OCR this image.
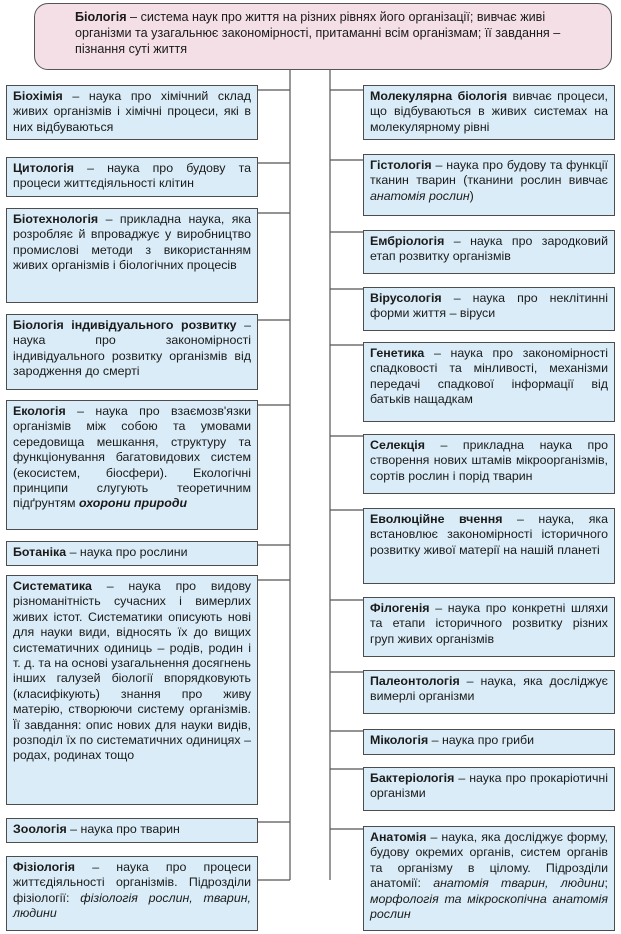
Біологія – система наук про життя на різних рівнях його організації; вивчає живі організми та узагальнює закономірності, притаманні всім організмам; її завдання – пізнання суті життя
Біохімія – наука про хімічний склад живих організмів і хімічні процеси, які в них відбуваються
Цитологія – наука про будову та процеси життєдіяльності клітин
Біотехнологія – прикладна наука, яка розробляє й впроваджує у виробництво промислові методи з використанням живих організмів і біологічних процесів
Біологія індивідуального розвитку – наука про закономірності індивідуального розвитку організмів від зародження до смерті
Екологія – наука про взаємозв'язки організмів між собою та умовами середовища мешкання, структуру та функціонування багатовидових систем (екосистем, біосфери). Екологічні принципи слугують теоретичним підґрунтям охорони природи
Ботаніка – наука про рослини
Систематика – наука про видову різноманітність сучасних і вимерлих живих істот. Систематики описують нові для науки види, відносять їх до вищих систематичних одиниць – родів, родин і т. д. та на основі узагальнення досягнень інших галузей біології впорядковують (класифікують) знання про живу матерію, створюючи систему організмів. Її завдання: опис нових для науки видів, розподіл їх по систематичних одиницях – родах, родинах тощо
Зоологія – наука про тварин
Фізіологія – наука про процеси життєдіяльності організмів. Підрозділи фізіології: фізіологія рослин, тварин, людини
Молекулярна біологія вивчає процеси, що відбуваються в живих системах на молекулярному рівні
Гістологія – наука про будову та функції тканин тварин (тканини рослин вивчає анатомія рослин)
Ембріологія – наука про зародковий етап розвитку організмів
Вірусологія – наука про неклітинні форми життя – віруси
Генетика – наука про закономірності спадковості та мінливості, механізми передачі спадкової інформації від батьків нащадкам
Селекція – прикладна наука про створення нових штамів мікроорганізмів, сортів рослин і порід тварин
Еволюційне вчення – наука, яка встановлює закономірності історичного розвитку живої матерії на нашій планеті
Філогенія – наука про конкретні шляхи та етапи історичного розвитку різних груп живих організмів
Палеонтологія – наука, яка досліджує вимерлі організми
Мікологія – наука про гриби
Бактеріологія – наука про прокаріотичні організми
Анатомія – наука, яка досліджує форму, будову окремих органів, систем органів та організму в цілому. Підрозділи анатомії: анатомія тварин, людини; морфологія та мікроскопічна анатомія рослин
